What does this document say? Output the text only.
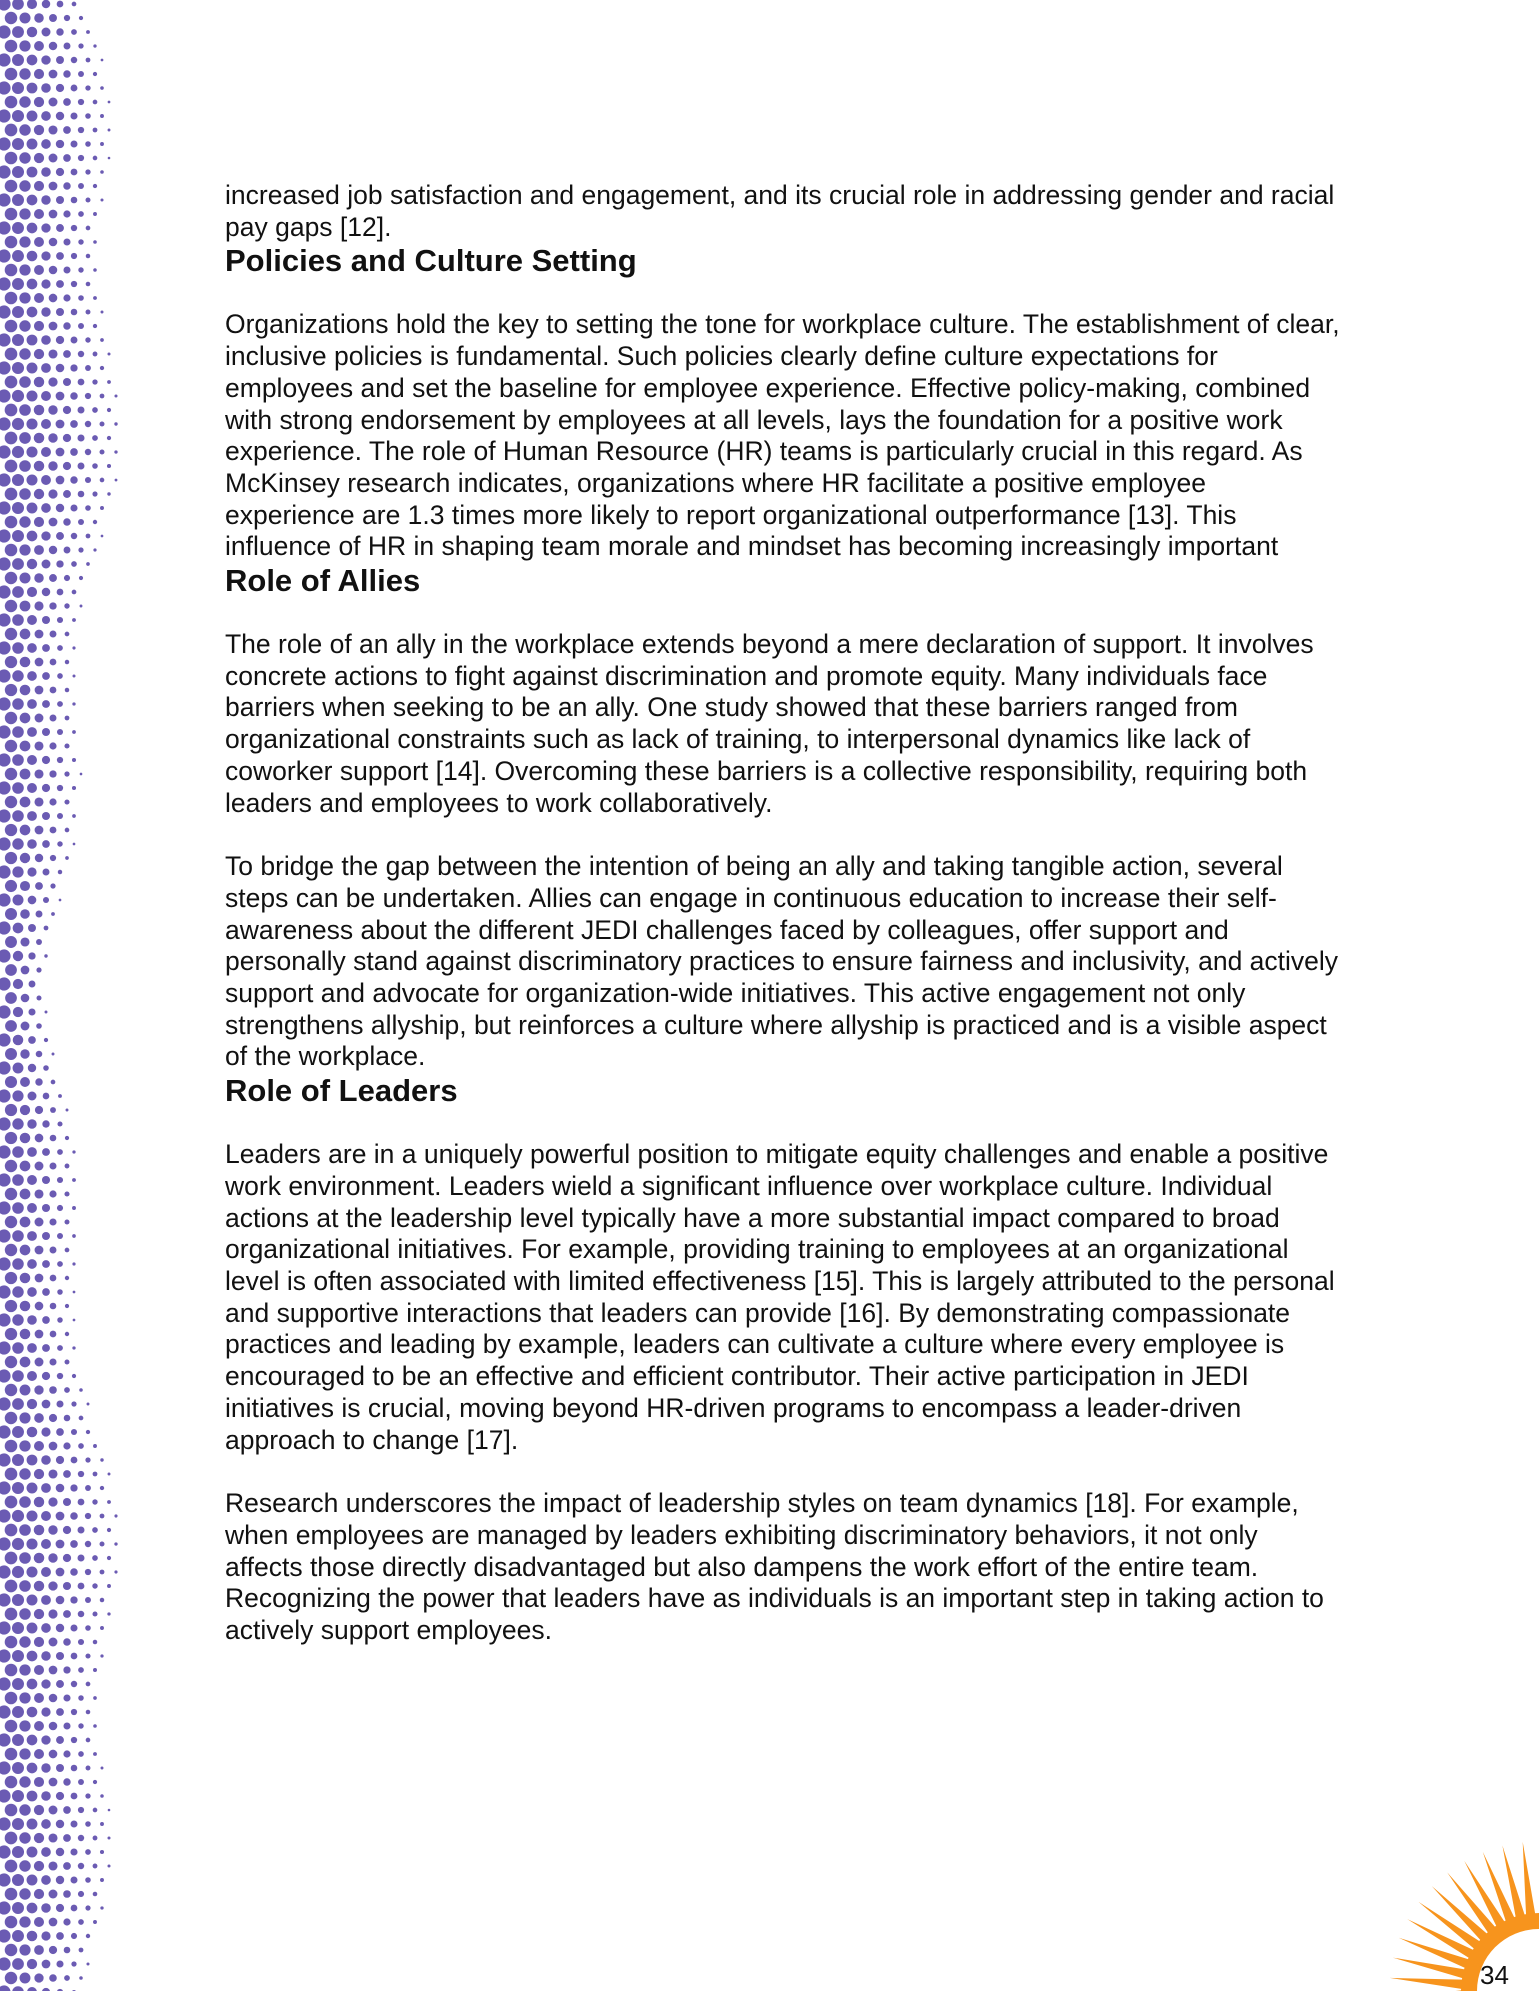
increased job satisfaction and engagement, and its crucial role in addressing gender and racial pay gaps [12].

Policies and Culture Setting

Organizations hold the key to setting the tone for workplace culture. The establishment of clear, inclusive policies is fundamental. Such policies clearly define culture expectations for employees and set the baseline for employee experience. Effective policy-making, combined with strong endorsement by employees at all levels, lays the foundation for a positive work experience. The role of Human Resource (HR) teams is particularly crucial in this regard. As McKinsey research indicates, organizations where HR facilitate a positive employee experience are 1.3 times more likely to report organizational outperformance [13]. This influence of HR in shaping team morale and mindset has becoming increasingly important

Role of Allies

The role of an ally in the workplace extends beyond a mere declaration of support. It involves concrete actions to fight against discrimination and promote equity. Many individuals face barriers when seeking to be an ally. One study showed that these barriers ranged from organizational constraints such as lack of training, to interpersonal dynamics like lack of coworker support [14]. Overcoming these barriers is a collective responsibility, requiring both leaders and employees to work collaboratively.

To bridge the gap between the intention of being an ally and taking tangible action, several steps can be undertaken. Allies can engage in continuous education to increase their self-awareness about the different JEDI challenges faced by colleagues, offer support and personally stand against discriminatory practices to ensure fairness and inclusivity, and actively support and advocate for organization-wide initiatives. This active engagement not only strengthens allyship, but reinforces a culture where allyship is practiced and is a visible aspect of the workplace.

Role of Leaders

Leaders are in a uniquely powerful position to mitigate equity challenges and enable a positive work environment. Leaders wield a significant influence over workplace culture. Individual actions at the leadership level typically have a more substantial impact compared to broad organizational initiatives. For example, providing training to employees at an organizational level is often associated with limited effectiveness [15]. This is largely attributed to the personal and supportive interactions that leaders can provide [16]. By demonstrating compassionate practices and leading by example, leaders can cultivate a culture where every employee is encouraged to be an effective and efficient contributor. Their active participation in JEDI initiatives is crucial, moving beyond HR-driven programs to encompass a leader-driven approach to change [17].

Research underscores the impact of leadership styles on team dynamics [18]. For example, when employees are managed by leaders exhibiting discriminatory behaviors, it not only affects those directly disadvantaged but also dampens the work effort of the entire team. Recognizing the power that leaders have as individuals is an important step in taking action to actively support employees.

34
